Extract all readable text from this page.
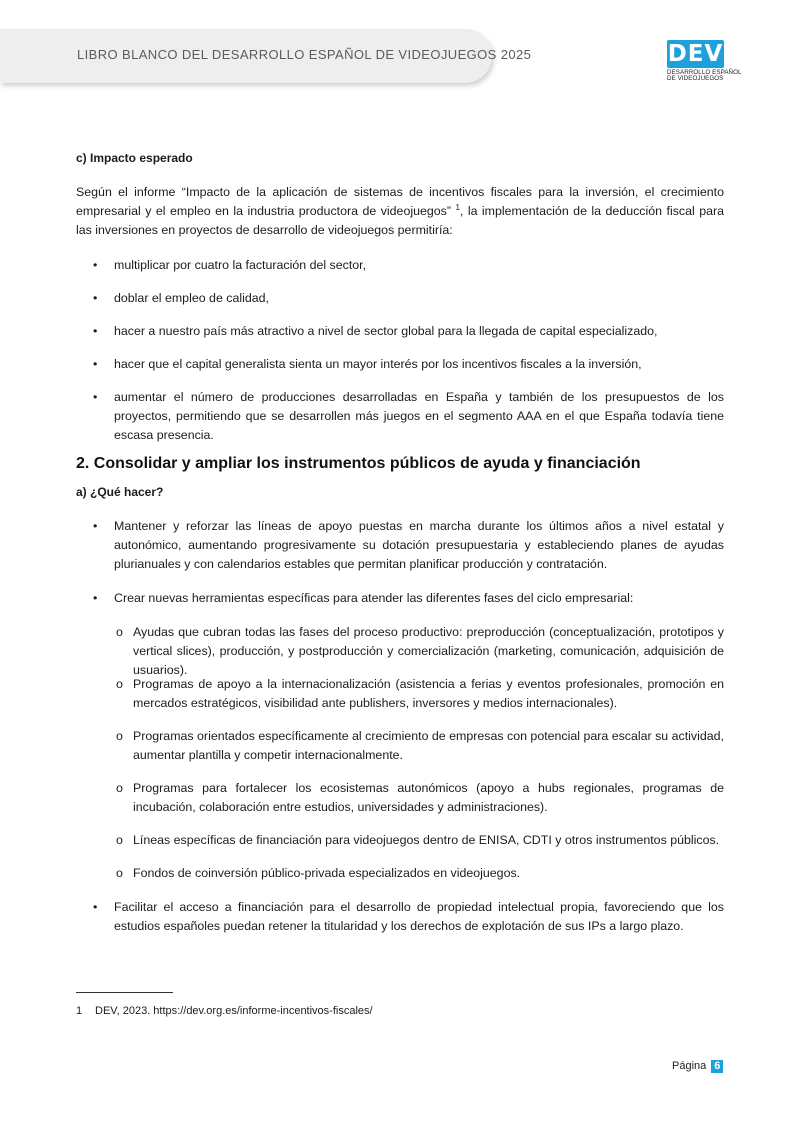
LIBRO BLANCO DEL DESARROLLO ESPAÑOL DE VIDEOJUEGOS 2025	DEV
DESARROLLO ESPAÑOL
DE VIDEOJUEGOS
c) Impacto esperado
Según el informe “Impacto de la aplicación de sistemas de incentivos fiscales para la inversión, el crecimiento empresarial y el empleo en la industria productora de videojuegos” $^1$, la implementación de la deducción fiscal para las inversiones en proyectos de desarrollo de videojuegos permitiría:
•	multiplicar por cuatro la facturación del sector,
•	doblar el empleo de calidad,
•	hacer a nuestro país más atractivo a nivel de sector global para la llegada de capital especializado,
•	hacer que el capital generalista sienta un mayor interés por los incentivos fiscales a la inversión,
•	aumentar el número de producciones desarrolladas en España y también de los presupuestos de los proyectos, permitiendo que se desarrollen más juegos en el segmento AAA en el que España todavía tiene escasa presencia.
2. Consolidar y ampliar los instrumentos públicos de ayuda y financiación
a) ¿Qué hacer?
•	Mantener y reforzar las líneas de apoyo puestas en marcha durante los últimos años a nivel estatal y autonómico, aumentando progresivamente su dotación presupuestaria y estableciendo planes de ayudas plurianuales y con calendarios estables que permitan planificar producción y contratación.
•	Crear nuevas herramientas específicas para atender las diferentes fases del ciclo empresarial:
o Ayudas que cubran todas las fases del proceso productivo: preproducción (conceptualización, prototipos y vertical slices), producción, y postproducción y comercialización (marketing, comunicación, adquisición de usuarios).
o Programas de apoyo a la internacionalización (asistencia a ferias y eventos profesionales, promoción en mercados estratégicos, visibilidad ante publishers, inversores y medios internacionales).
o Programas orientados específicamente al crecimiento de empresas con potencial para escalar su actividad, aumentar plantilla y competir internacionalmente.
o Programas para fortalecer los ecosistemas autonómicos (apoyo a hubs regionales, programas de incubación, colaboración entre estudios, universidades y administraciones).
o Líneas específicas de financiación para videojuegos dentro de ENISA, CDTI y otros instrumentos públicos.
o Fondos de coinversión público-privada especializados en videojuegos.
•	Facilitar el acceso a financiación para el desarrollo de propiedad intelectual propia, favoreciendo que los estudios españoles puedan retener la titularidad y los derechos de explotación de sus IPs a largo plazo.
1 DEV, 2023. https://dev.org.es/informe-incentivos-fiscales/
Página 6
